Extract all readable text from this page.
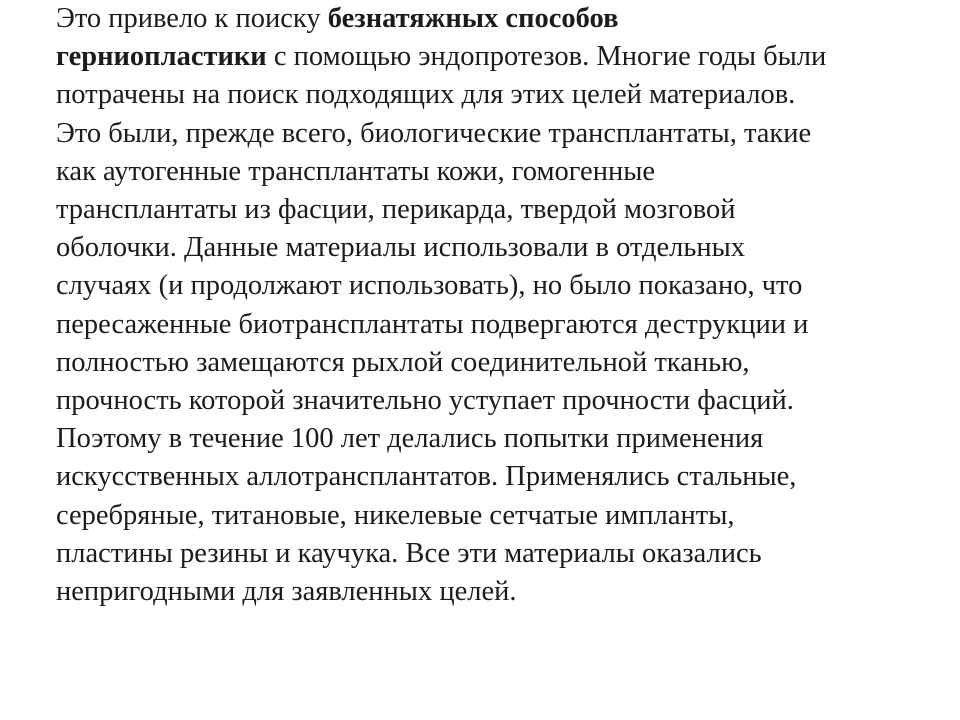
Это привело к поиску безнатяжных способов
герниопластики с помощью эндопротезов. Многие годы были
потрачены на поиск подходящих для этих целей материалов.
Это были, прежде всего, биологические трансплантаты, такие
как аутогенные трансплантаты кожи, гомогенные
трансплантаты из фасции, перикарда, твердой мозговой
оболочки. Данные материалы использовали в отдельных
случаях (и продолжают использовать), но было показано, что
пересаженные биотрансплантаты подвергаются деструкции и
полностью замещаются рыхлой соединительной тканью,
прочность которой значительно уступает прочности фасций.
Поэтому в течение 100 лет делались попытки применения
искусственных аллотрансплантатов. Применялись стальные,
серебряные, титановые, никелевые сетчатые импланты,
пластины резины и каучука. Все эти материалы оказались
непригодными для заявленных целей.
